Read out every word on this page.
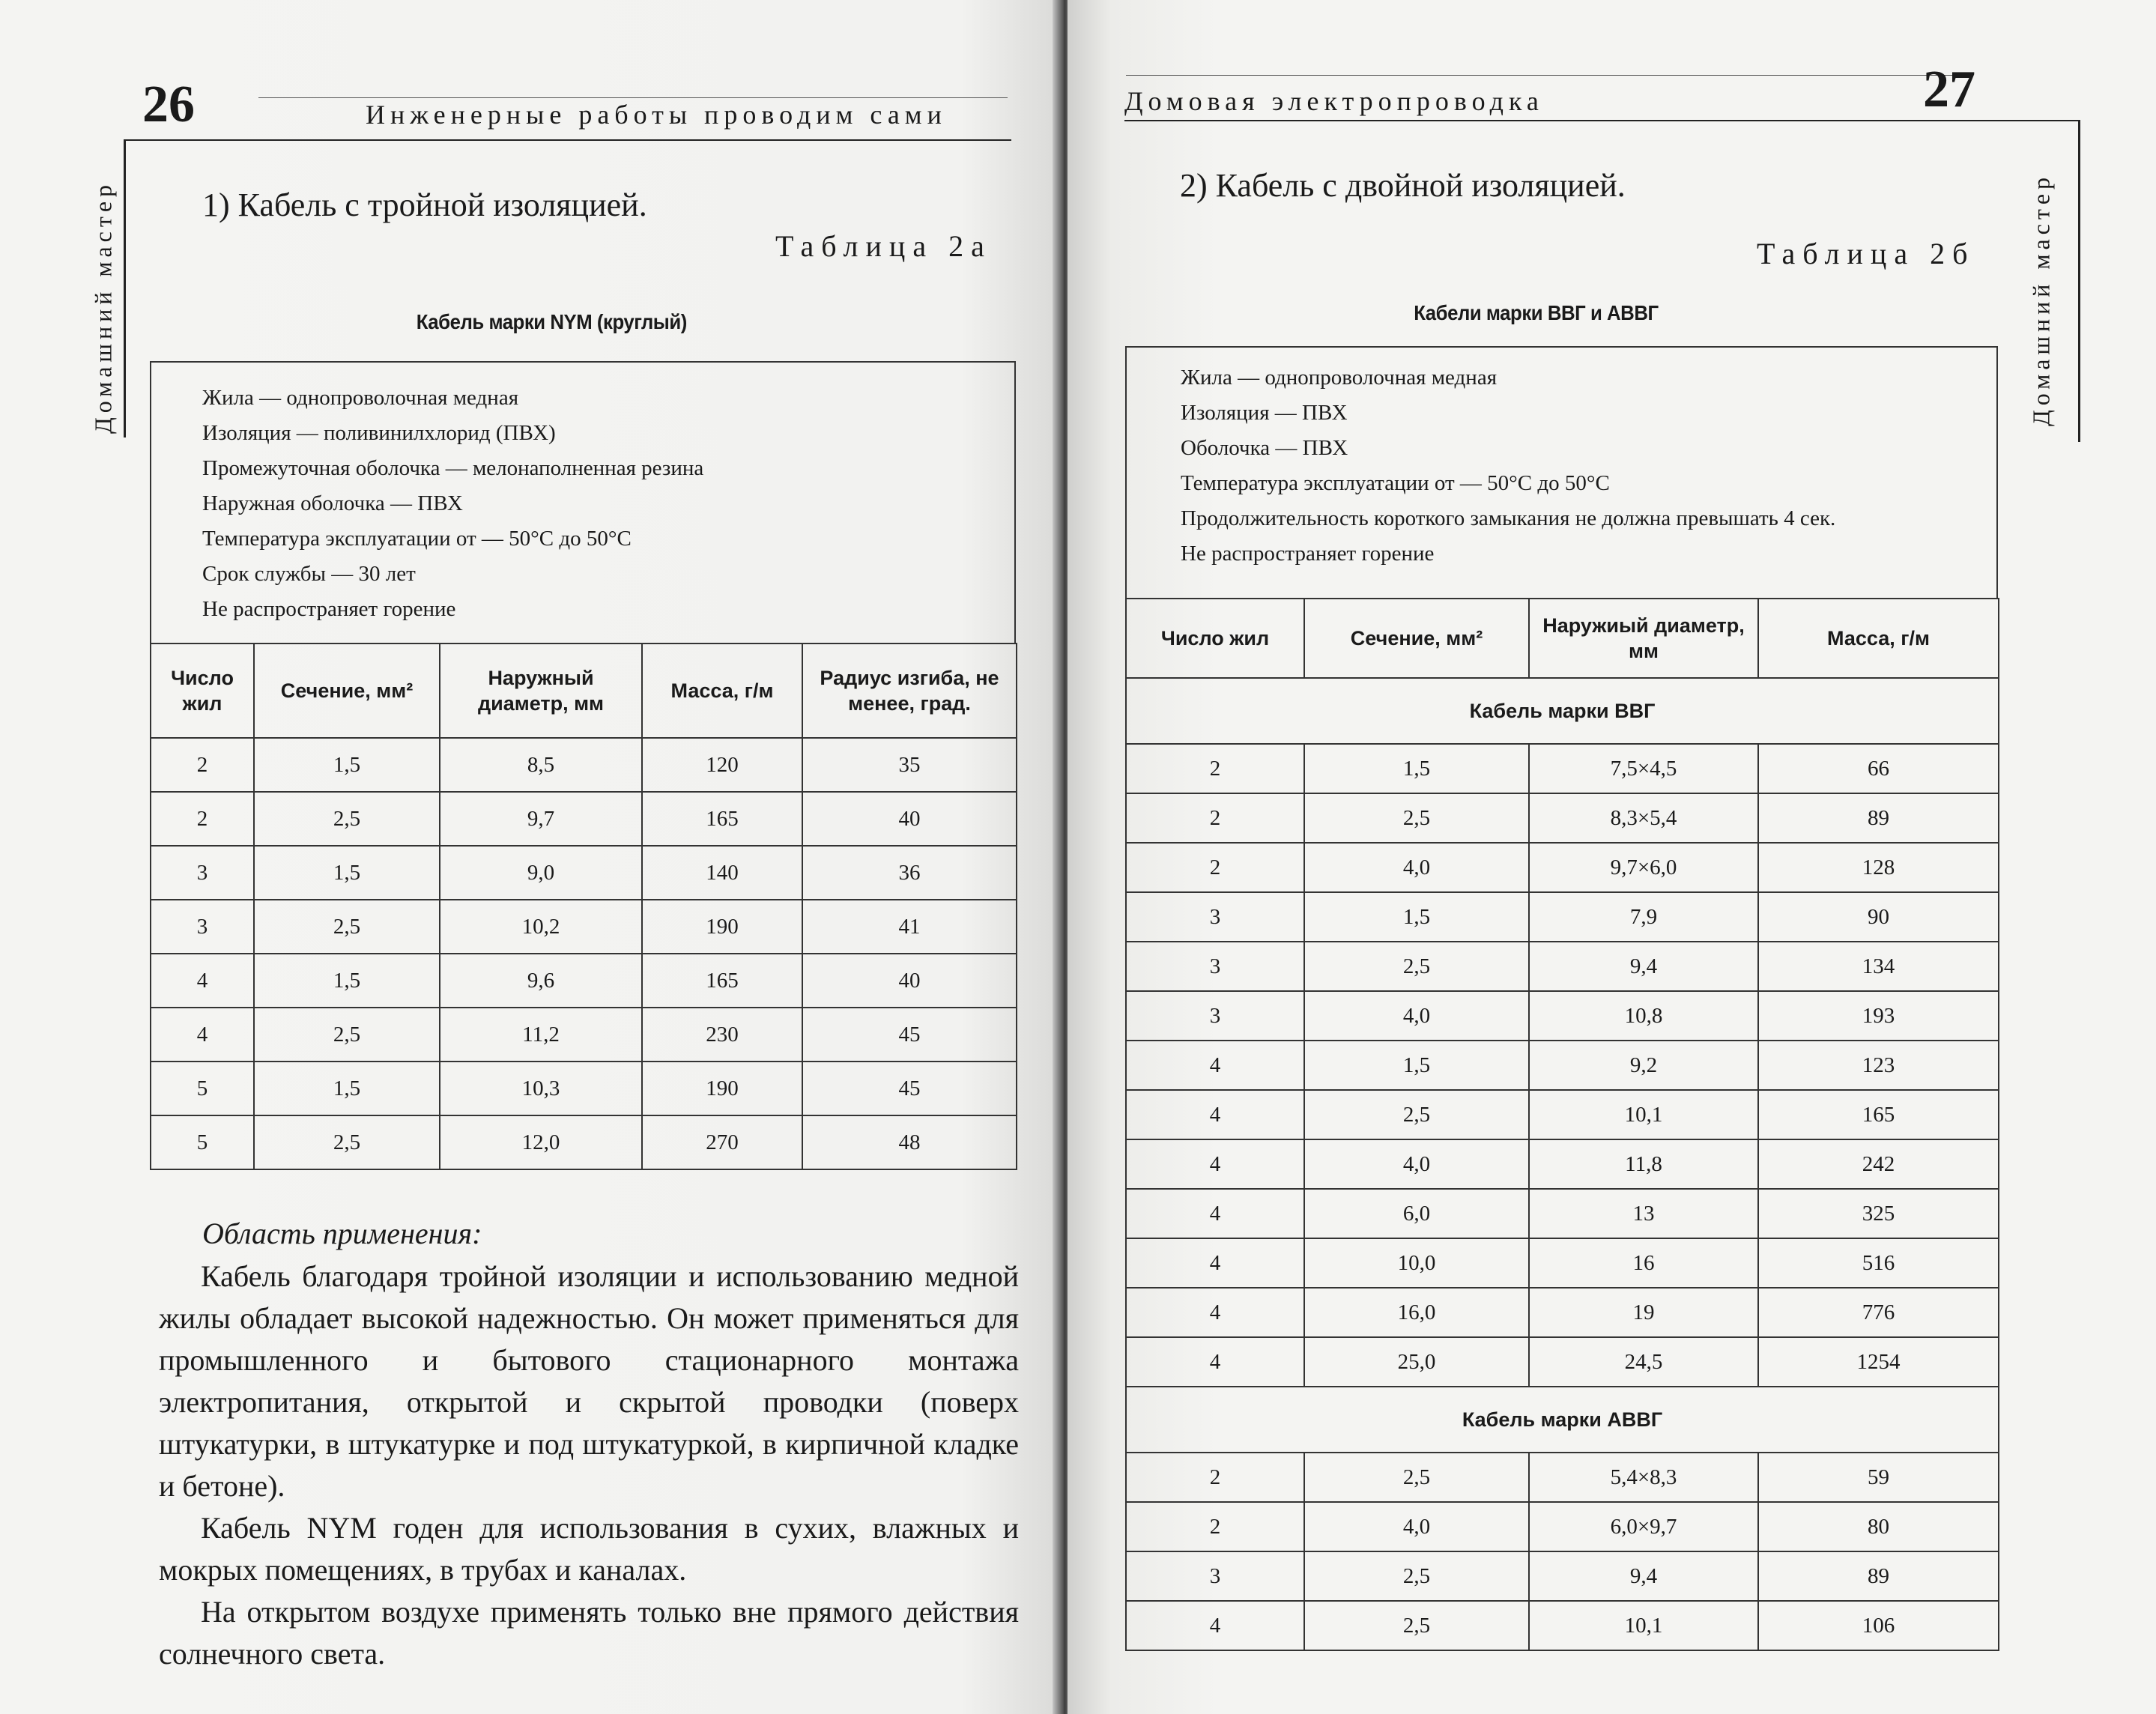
26	Инженерные работы проводим сами
Домашний мастер	1) Кабель с тройной изоляцией.
Таблица 2а
Кабель марки NYM (круглый)
Жила — однопроволочная медная
Изоляция — поливинилхлорид (ПВХ)
Промежуточная оболочка — мелонаполненная резина
Наружная оболочка — ПВХ
Температура эксплуатации от — 50°С до 50°С
Срок службы — 30 лет
Не распространяет горение
Число жил	Сечение, мм²	Наружный диаметр, мм	Масса, г/м	Радиус изгиба, не менее, град.
2	1,5	8,5	120	35
2	2,5	9,7	165	40
3	1,5	9,0	140	36
3	2,5	10,2	190	41
4	1,5	9,6	165	40
4	2,5	11,2	230	45
5	1,5	10,3	190	45
5	2,5	12,0	270	48
Область применения:

Кабель благодаря тройной изоляции и использованию медной жилы обладает высокой надежностью. Он может применяться для промышленного и бытового стационарного монтажа электропитания, открытой и скрытой проводки (поверх штукатурки, в штукатурке и под штукатуркой, в кирпичной кладке и бетоне).

Кабель NYM годен для использования в сухих, влажных и мокрых помещениях, в трубах и каналах.

На открытом воздухе применять только вне прямого действия солнечного света.

Домовая электропроводка	27
Домашний мастер
2) Кабель с двойной изоляцией.
Таблица 2б
Кабели марки ВВГ и АВВГ
Жила — однопроволочная медная
Изоляция — ПВХ
Оболочка — ПВХ
Температура эксплуатации от — 50°С до 50°С
Продолжительность короткого замыкания не должна превышать 4 сек.
Не распространяет горение
Число жил	Сечение, мм²	Наружиый диаметр, мм	Масса, г/м
Кабель марки ВВГ			
2	1,5	7,5×4,5	66
2	2,5	8,3×5,4	89
2	4,0	9,7×6,0	128
3	1,5	7,9	90
3	2,5	9,4	134
3	4,0	10,8	193
4	1,5	9,2	123
4	2,5	10,1	165
4	4,0	11,8	242
4	6,0	13	325
4	10,0	16	516
4	16,0	19	776
4	25,0	24,5	1254
Кабель марки АВВГ			
2	2,5	5,4×8,3	59
2	4,0	6,0×9,7	80
3	2,5	9,4	89
4	2,5	10,1	106
